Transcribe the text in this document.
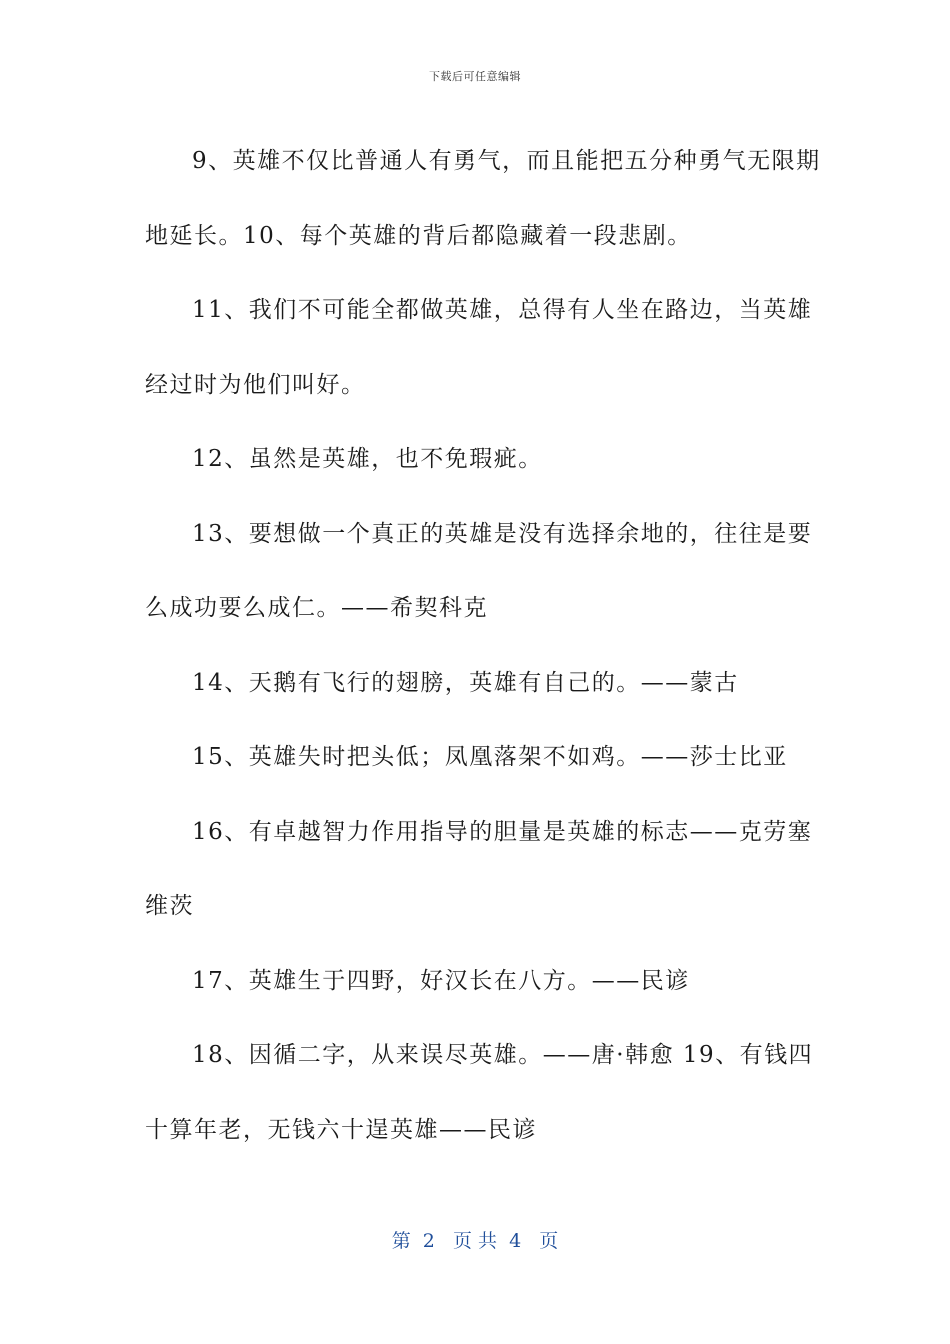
下载后可任意编辑
9、英雄不仅比普通人有勇气，而且能把五分种勇气无限期
地延长。10、每个英雄的背后都隐藏着一段悲剧。
11、我们不可能全都做英雄，总得有人坐在路边，当英雄
经过时为他们叫好。
12、虽然是英雄，也不免瑕疵。
13、要想做一个真正的英雄是没有选择余地的，往往是要
么成功要么成仁。——希契科克
14、天鹅有飞行的翅膀，英雄有自己的。——蒙古
15、英雄失时把头低；凤凰落架不如鸡。——莎士比亚
16、有卓越智力作用指导的胆量是英雄的标志——克劳塞
维茨
17、英雄生于四野，好汉长在八方。——民谚
18、因循二字，从来误尽英雄。——唐·韩愈 19、有钱四
十算年老，无钱六十逞英雄——民谚
第  2   页 共  4   页
